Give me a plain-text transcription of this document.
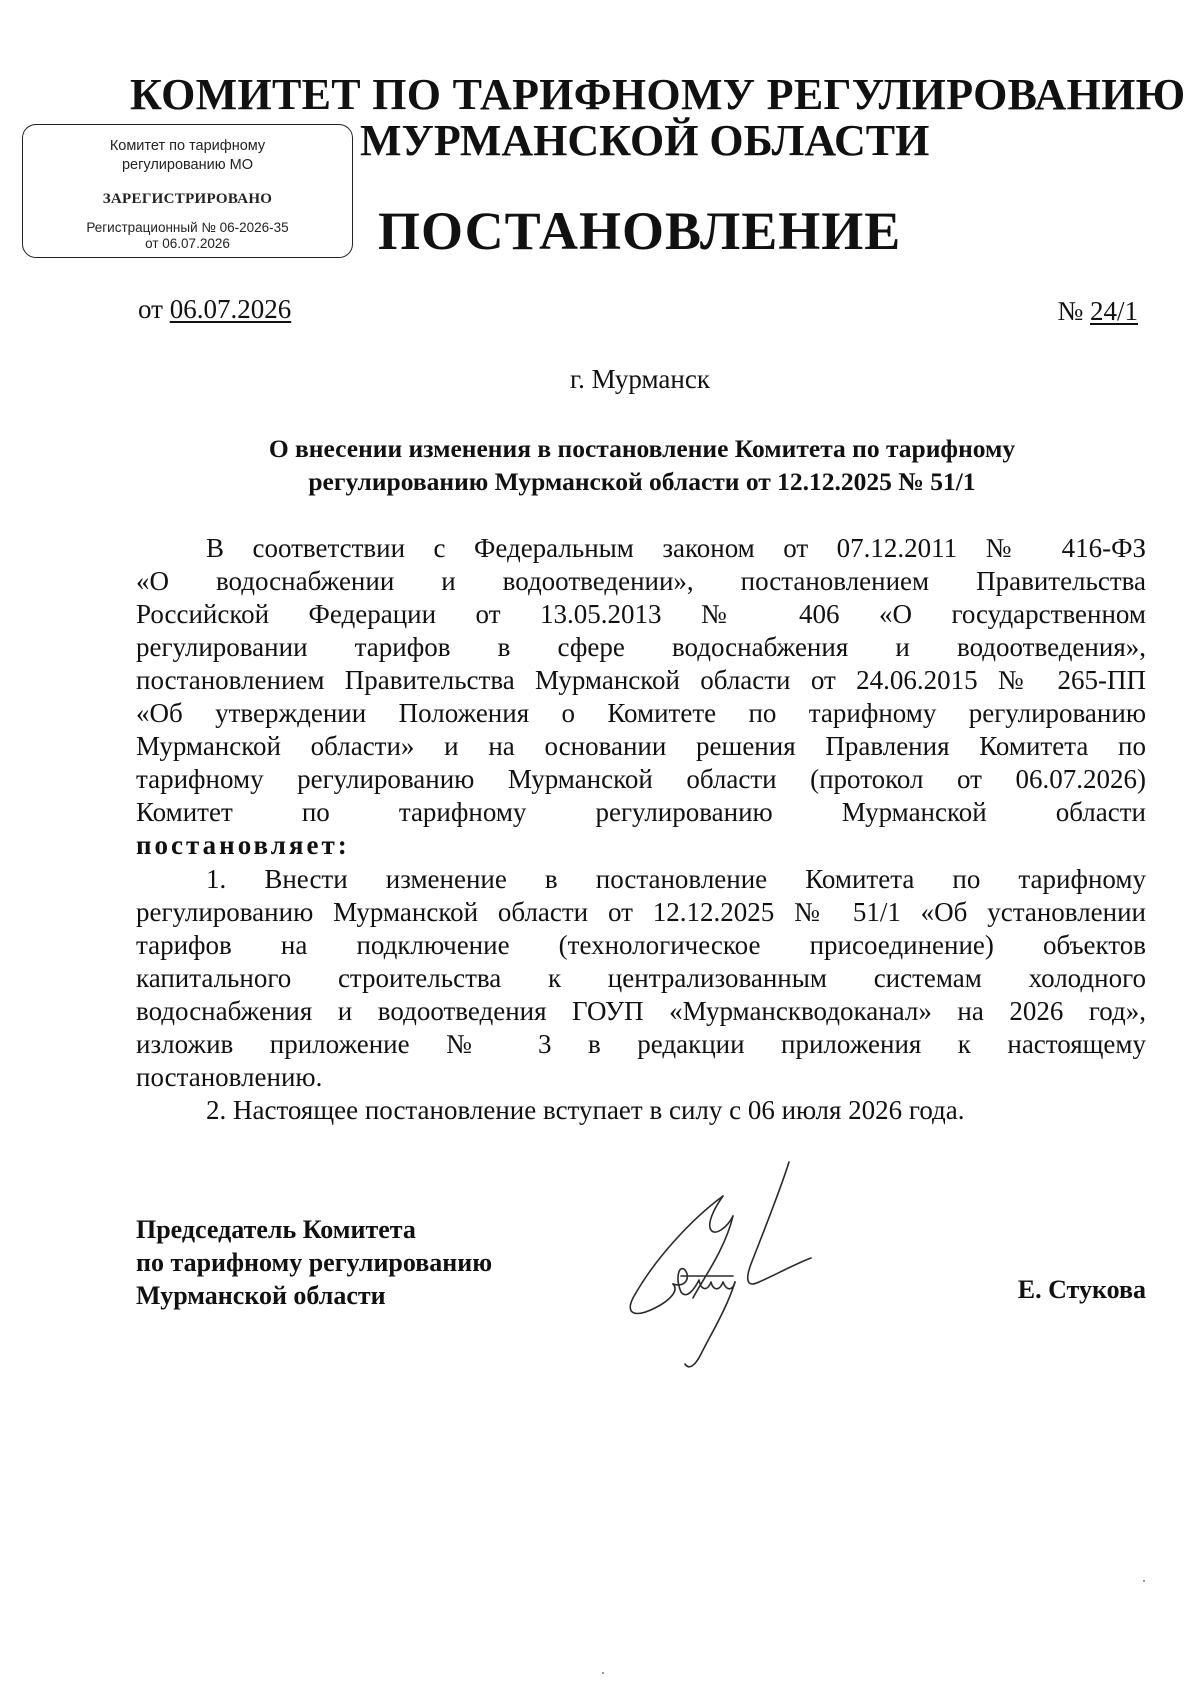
КОМИТЕТ ПО ТАРИФНОМУ РЕГУЛИРОВАНИЮ
МУРМАНСКОЙ ОБЛАСТИ
ПОСТАНОВЛЕНИЕ
Комитет по тарифному регулированию МО
ЗАРЕГИСТРИРОВАНО
Регистрационный № 06-2026-35
от 06.07.2026
от 06.07.2026	№ 24/1
г. Мурманск
О внесении изменения в постановление Комитета по тарифному
регулированию Мурманской области от 12.12.2025 № 51/1
В соответствии с Федеральным законом от 07.12.2011 № 416-ФЗ
«О водоснабжении и водоотведении», постановлением Правительства
Российской Федерации от 13.05.2013 № 406 «О государственном
регулировании тарифов в сфере водоснабжения и водоотведения»,
постановлением Правительства Мурманской области от 24.06.2015 № 265-ПП
«Об утверждении Положения о Комитете по тарифному регулированию
Мурманской области» и на основании решения Правления Комитета по
тарифному регулированию Мурманской области (протокол от 06.07.2026)
Комитет по тарифному регулированию Мурманской области
постановляет:
1. Внести изменение в постановление Комитета по тарифному
регулированию Мурманской области от 12.12.2025 № 51/1 «Об установлении
тарифов на подключение (технологическое присоединение) объектов
капитального строительства к централизованным системам холодного
водоснабжения и водоотведения ГОУП «Мурманскводоканал» на 2026 год»,
изложив приложение № 3 в редакции приложения к настоящему
постановлению.
2. Настоящее постановление вступает в силу с 06 июля 2026 года.
Председатель Комитета
по тарифному регулированию
Мурманской области	Е. Стукова
